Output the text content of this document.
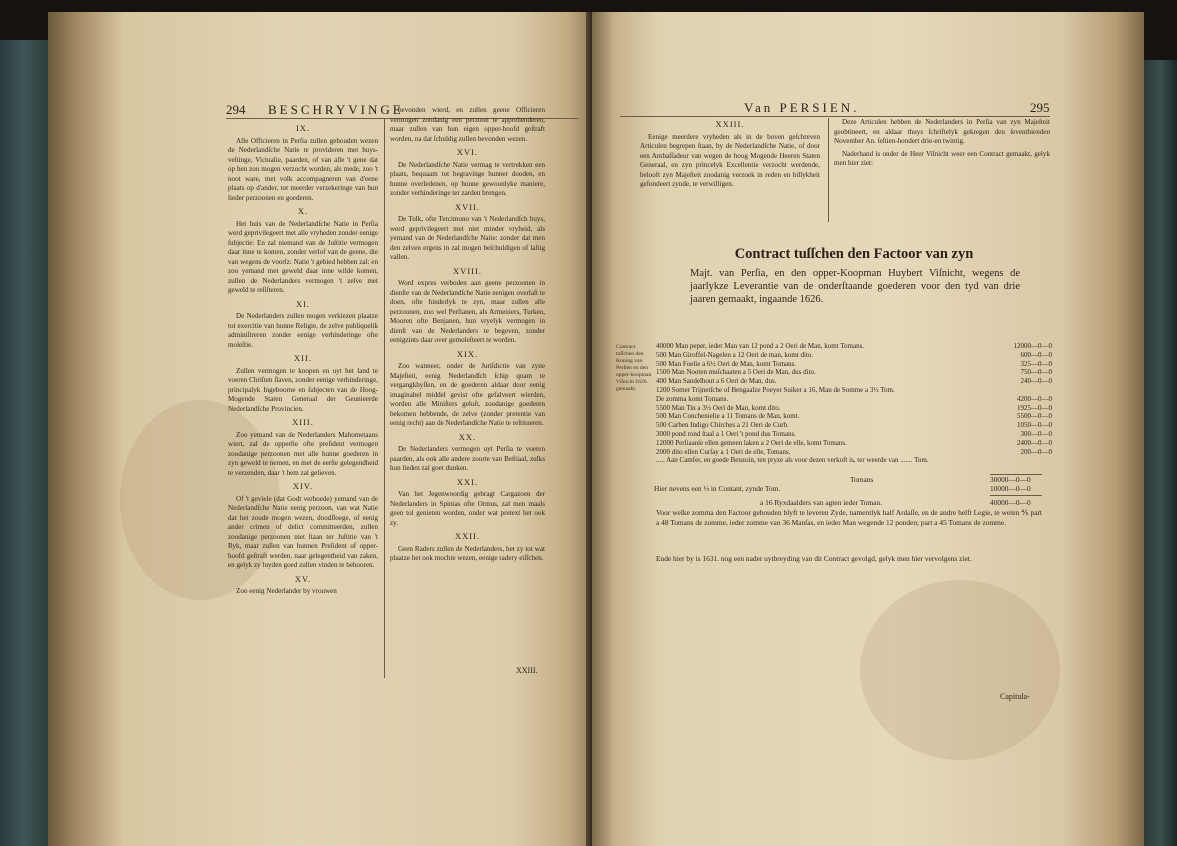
294 BESCHRYVINGE
IX.

Alle Officieren in Perſia zullen gehouden wezen de Nederlandſche Natie te provideren met huys-veſtinge, Victualie, paarden, of van alle 't gene dat op hen zou mogen verzocht worden, als mede, zoo 't noot ware, met volk accompagneren van d'eene plaats op d'ander, tot meerder verzekeringe van hun lieder perzoonen en goederen.

X.

Het huis van de Nederlandſche Natie in Perſia werd geprivilegeert met alle vryheden zonder eenige ſubjectie: En zal niemand van de Juſtitie vermogen daar inne te komen, zonder verlof van de geene, die van wegens de voorſz: Natie 't gebied hebben zal: en zoo yemand met geweld daar inne wilde komen, zullen de Nederlanders vermogen 't zelve met geweld te reſiſteren.

XI.

De Nederlanders zullen mogen verkiezen plaatze tot exercitie van hunne Religie, de zelve publiquelik adminiſtreren zonder eenige verhinderinge ofte moleſtie.

XII.

Zullen vermogen te koopen en uyt het land te voeren Chriſten ſlaven, zonder eenige verhinderinge, principalyk Ingeboorne en ſubjecten van de Hoog-Mogende Staten Generaal der Geunieerde Nederlandſche Provincien.

XIII.

Zoo yemand van de Nederlanders Mahometaans wiert, zal de opperſte ofte preſident vermogen zoodanige perzoonen met alle hunne goederen in zyn geweld te nemen, en met de eerſte gelegendheid te verzenden, daar 't hem zal gelieven.

XIV.

Of 't geviele (dat Godt verhoede) yemand van de Nederlandſche Natie eenig perzoon, van wat Natie dat het zoude mogen wezen, doodſloege, of eenig ander crimen of delict committeerden, zullen zoodanige perzoonen niet ſtaan ter Juſtitie van 't Ryk, maar zullen van hunnen Preſident of opper-hoofd geſtraft werden, naar gelegentheid van zaken, en gelyk zy luyden goed zullen vinden te behooren.

XV.

Zoo eenig Nederlander by vrouwen

bevonden wierd, en zullen geene Officieren vermogen zoodanig een perzoon te apprehenderen, maar zullen van hun eigen opper-hoofd geſtraft worden, na dat ſchuldig zullen bevonden wezen.

XVI.

De Nederlandſche Natie vermag te vertrekken een plaats, bequaam tot begravinge hunner dooden, en hunne overledenen, op hunne gewoonlyke maniere, zonder verhinderinge ter zarden brengen.

XVII.

De Tolk, ofte Tercimono van 't Nederlandſch huys, werd geprivilegeert met niet minder vryheid, als yemand van de Nederlandſche Natie: zonder dat men den zelven ergens in zal mogen beſchuldigen of laſtig vallen.

XVIII.

Word expres verboden aan geene perzoonen in dienſte van de Nederlandſche Natie eenigen overlaſt te doen, ofte hinderlyk te zyn, maar zullen alle perzoonen, zoo wel Perſianen, als Armeniers, Turken, Mooren ofte Benjanen, hun vryelyk vermogen in dienſt van de Nederlanders te begeven, zonder eenigzints daar over gemoleſteert te worden.

XIX.

Zoo wanneer, onder de Juriſdictie van zyne Majeſteit, eenig Nederlandſch ſchip quam te vergangkhyſſen, en de goederen aldaar door eenig imaginabel middel gevist ofte gefalveert wierden, worden alle Miniſters geluſt, zoodanige goederen bekomen hebbende, de zelve (zonder pretentie van eenig recht) aan de Nederlandſche Natie te reſtitueren.

XX.

De Nederlanders vermogen uyt Perſia te voeren paarden, als ook alle andere zoorte van Beſtiaal, zulks hun lieden zal goet dunken.

XXI.

Van het Jegenwoordig gebragt Cargazoen der Nederlanders in Spinias ofte Ormus, zal men maals geen tol genieten worden, onder wat pretext het ook zy.

XXII.

Geen Raders zullen de Nederlanders, het zy tot wat plaatze het ook mochte wezen, eenige radery eiſſchen.

XXIII.
Van PERSIEN.	295
XXIII.

Eenige meerdere vryheden als in de boven geſchreven Articulen begrepen ſtaan, by de Nederlandſche Natie, of door een Ambaſſadeur van wegen de hoog Mogende Heeren Staten Generaal, en zyn princelyk Excellentie verzocht werdende, belooft zyn Majeſteit zoodanig verzoek in reden en billykheit gefondeert zynde, te verwilligen.

Deze Articulen hebben de Nederlanders in Perſia van zyn Majeſteit geobtineert, en aldaar thuys ſchriftelyk gekregen den ſeventhienden November An. ſeſtien-hondert drie-en twintig.

Naderhand is onder de Heer Viſnicht weer een Contract gemaakt, gelyk men hier ziet:

Contract tuſſchen den Factoor van zyn
Majt. van Perſia, en den opper-Koopman Huybert Viſnicht, wegens de jaarlykze Leverantie van de onderſtaande goederen voor den tyd van drie jaaren gemaakt, ingaande 1626.
Contract tuſſchen den Koning van Perſien en den opper-koopman Viſnicht 1626. gemaakt.
40000 Man peper, ieder Man van 12 pond a 2 Oeri de Man, komt Tomans.	12000—0—0
500 Man Giroffel-Nagelen a 12 Oeri de man, komt dito.	600—0—0
500 Man Foelie a 6½ Oeri de Man, komt Tomans.	325—0—0
1500 Man Nooten muſchaaten a 5 Oeri de Man, dus dito.	750—0—0
400 Man Sandelhout a 6 Oeri de Man, dus.	240—0—0
1200 Somer Trijnetſche of Bengaalze Poeyer Suiker a 16, Man de Somme a 3½ Tom.
De zomma komt Tomans.	4200—0—0
5500 Man Tin a 3½ Oeri de Man, komt dito.	1925—0—0
500 Man Conchenielie a 11 Tomans de Man, komt.	5500—0—0
500 Carben Indigo Chirches a 21 Oeri de Curb.	1050—0—0
3000 pond rond ſtaal a 1 Oeri 't pond dus Tomans.	300—0—0
12000 Perſiaanſe ellen gemeen laken a 2 Oeri de elle, komt Tomans.	2400—0—0
2000 dito ellen Curſay a 1 Oeri de elle, Tomans.	200—0—0
..... Aan Camfer, en goede Benzoin, ten pryze als voor dezen verkoft is, ter weerde van ....... Tom.
Tomans	30000—0—0
Hier nevens een ⅓ in Contant, zynde Tom.	10000—0—0
a 16 Ryxdaalders van agten ieder Toman.	40000—0—0
Voor welke zomma den Factoor gehouden blyft te leveren Zyde, namentlyk half Ardaſſe, en de andre helft Legie, te weten ⅘ part a 48 Tomans de zomme, ieder zomme van 36 Manſas, en ieder Man wegende 12 ponden; part a 45 Tomans de zomme.
Ende hier by is 1631. nog een nader uytbreyding van dit Contract gevolgd, gelyk men hier vervolgens ziet.
Capitula-
